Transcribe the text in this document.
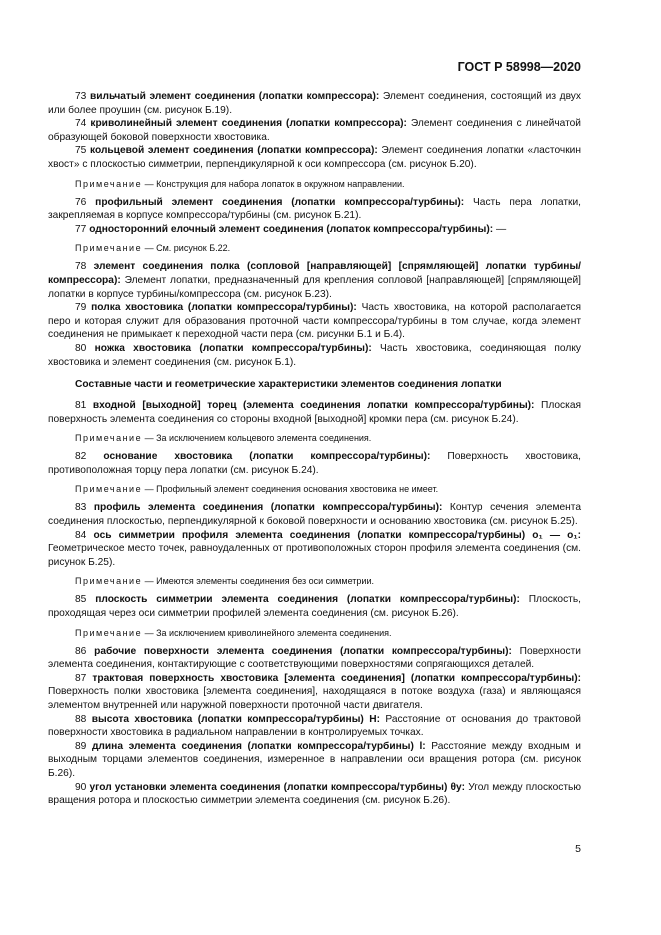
ГОСТ Р 58998—2020

73 вильчатый элемент соединения (лопатки компрессора): Элемент соединения, состоящий из двух или более проушин (см. рисунок Б.19).

74 криволинейный элемент соединения (лопатки компрессора): Элемент соединения с линейчатой образующей боковой поверхности хвостовика.

75 кольцевой элемент соединения (лопатки компрессора): Элемент соединения лопатки «ласточкин хвост» с плоскостью симметрии, перпендикулярной к оси компрессора (см. рисунок Б.20).

Примечание — Конструкция для набора лопаток в окружном направлении.

76 профильный элемент соединения (лопатки компрессора/турбины): Часть пера лопатки, закрепляемая в корпусе компрессора/турбины (см. рисунок Б.21).

77 односторонний елочный элемент соединения (лопаток компрессора/турбины): —

Примечание — См. рисунок Б.22.

78 элемент соединения полка (сопловой [направляющей] [спрямляющей] лопатки турбины/компрессора): Элемент лопатки, предназначенный для крепления сопловой [направляющей] [спрямляющей] лопатки в корпусе турбины/компрессора (см. рисунок Б.23).

79 полка хвостовика (лопатки компрессора/турбины): Часть хвостовика, на которой располагается перо и которая служит для образования проточной части компрессора/турбины в том случае, когда элемент соединения не примыкает к переходной части пера (см. рисунки Б.1 и Б.4).

80 ножка хвостовика (лопатки компрессора/турбины): Часть хвостовика, соединяющая полку хвостовика и элемент соединения (см. рисунок Б.1).

Составные части и геометрические характеристики элементов соединения лопатки

81 входной [выходной] торец (элемента соединения лопатки компрессора/турбины): Плоская поверхность элемента соединения со стороны входной [выходной] кромки пера (см. рисунок Б.24).

Примечание — За исключением кольцевого элемента соединения.

82 основание хвостовика (лопатки компрессора/турбины): Поверхность хвостовика, противоположная торцу пера лопатки (см. рисунок Б.24).

Примечание — Профильный элемент соединения основания хвостовика не имеет.

83 профиль элемента соединения (лопатки компрессора/турбины): Контур сечения элемента соединения плоскостью, перпендикулярной к боковой поверхности и основанию хвостовика (см. рисунок Б.25).

84 ось симметрии профиля элемента соединения (лопатки компрессора/турбины) o₁ — o₁: Геометрическое место точек, равноудаленных от противоположных сторон профиля элемента соединения (см. рисунок Б.25).

Примечание — Имеются элементы соединения без оси симметрии.

85 плоскость симметрии элемента соединения (лопатки компрессора/турбины): Плоскость, проходящая через оси симметрии профилей элемента соединения (см. рисунок Б.26).

Примечание — За исключением криволинейного элемента соединения.

86 рабочие поверхности элемента соединения (лопатки компрессора/турбины): Поверхности элемента соединения, контактирующие с соответствующими поверхностями сопрягающихся деталей.

87 трактовая поверхность хвостовика [элемента соединения] (лопатки компрессора/турбины): Поверхность полки хвостовика [элемента соединения], находящаяся в потоке воздуха (газа) и являющаяся элементом внутренней или наружной поверхности проточной части двигателя.

88 высота хвостовика (лопатки компрессора/турбины) H: Расстояние от основания до трактовой поверхности хвостовика в радиальном направлении в контролируемых точках.

89 длина элемента соединения (лопатки компрессора/турбины) l: Расстояние между входным и выходным торцами элементов соединения, измеренное в направлении оси вращения ротора (см. рисунок Б.26).

90 угол установки элемента соединения (лопатки компрессора/турбины) θy: Угол между плоскостью вращения ротора и плоскостью симметрии элемента соединения (см. рисунок Б.26).

5
